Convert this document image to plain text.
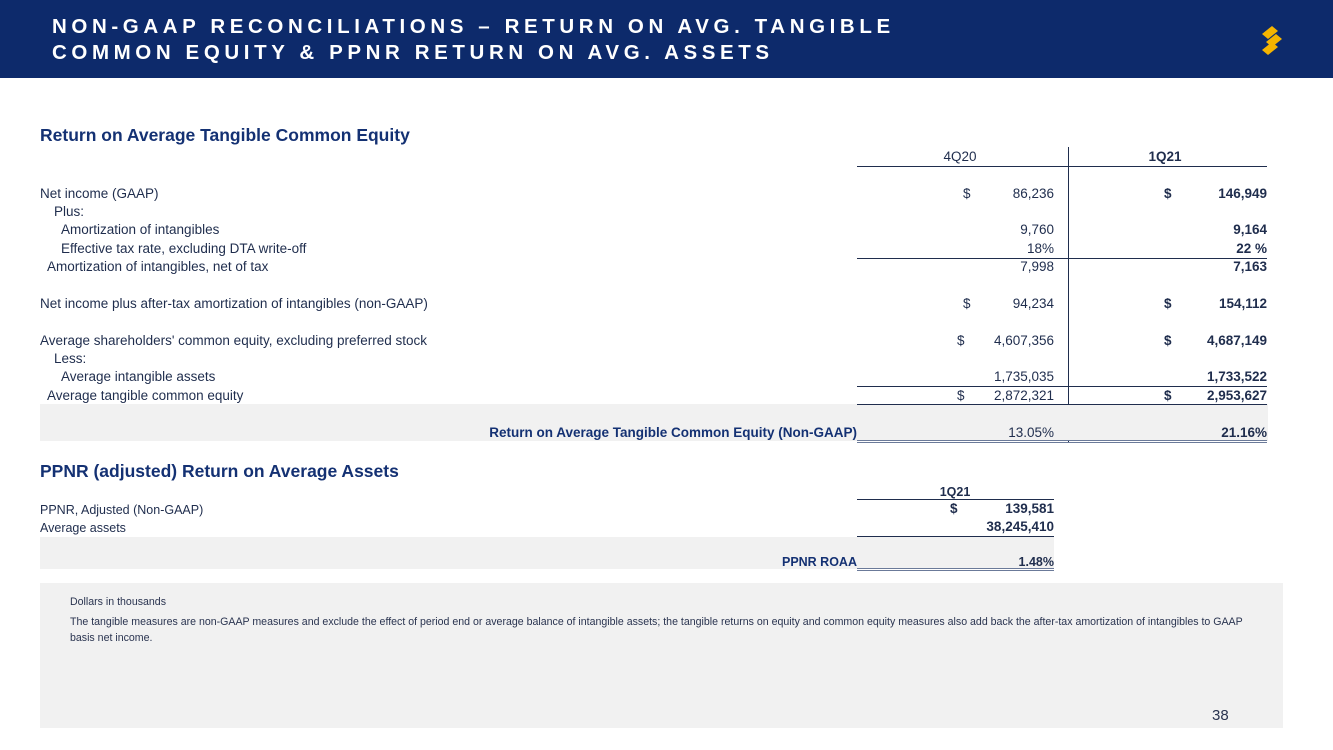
NON-GAAP RECONCILIATIONS – RETURN ON AVG. TANGIBLE
COMMON EQUITY & PPNR RETURN ON AVG. ASSETS
Return on Average Tangible Common Equity
4Q20	1Q21
Net income (GAAP)	$	86,236	$	146,949
Plus:
Amortization of intangibles	9,760	9,164
Effective tax rate, excluding DTA write-off	18%	22 %
Amortization of intangibles, net of tax	7,998	7,163
Net income plus after-tax amortization of intangibles (non-GAAP)	$	94,234	$	154,112
Average shareholders' common equity, excluding preferred stock	$	4,607,356	$	4,687,149
Less:
Average intangible assets	1,735,035	1,733,522
Average tangible common equity	$	2,872,321	$	2,953,627
Return on Average Tangible Common Equity (Non-GAAP)	13.05%	21.16%
PPNR (adjusted) Return on Average Assets
1Q21
PPNR, Adjusted (Non-GAAP)	$	139,581
Average assets	38,245,410
PPNR ROAA	1.48%
Dollars in thousands
The tangible measures are non-GAAP measures and exclude the effect of period end or average balance of intangible assets; the tangible returns on equity and common equity measures also add back the after-tax amortization of intangibles to GAAP basis net income.
38
